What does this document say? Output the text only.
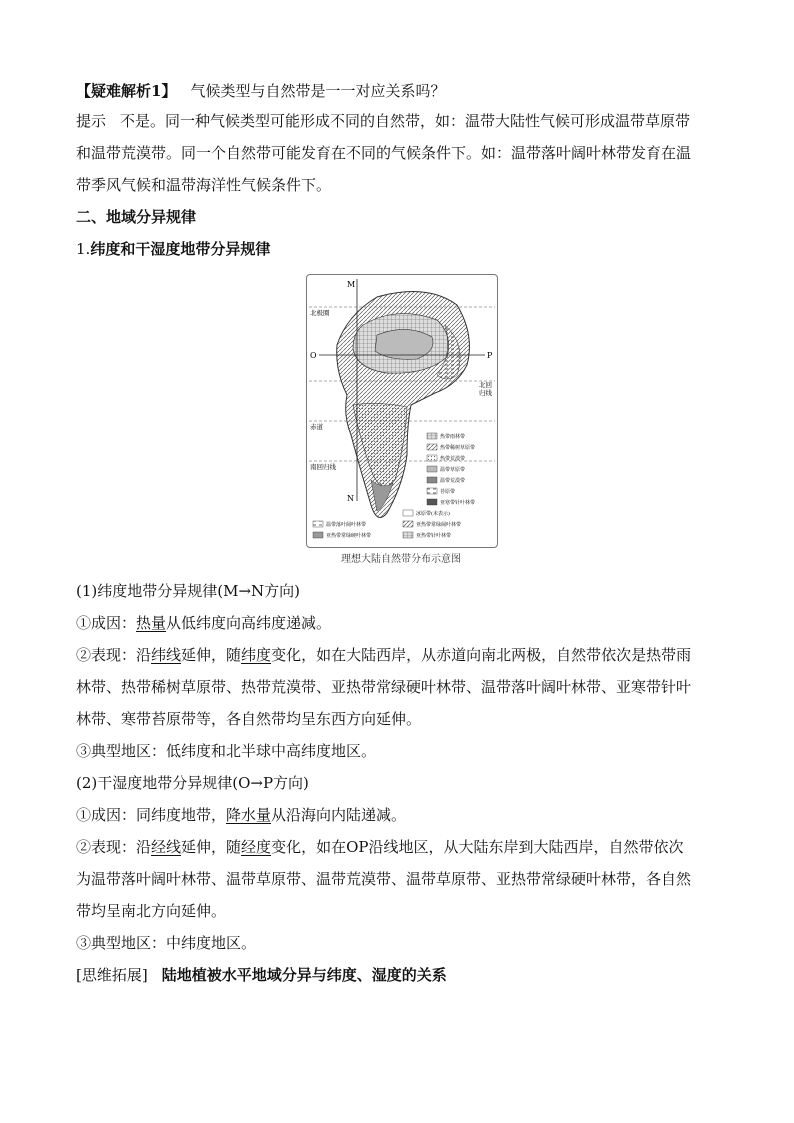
【疑难解析1】 气候类型与自然带是一一对应关系吗？
提示 不是。同一种气候类型可能形成不同的自然带，如：温带大陆性气候可形成温带草原带
和温带荒漠带。同一个自然带可能发育在不同的气候条件下。如：温带落叶阔叶林带发育在温
带季风气候和温带海洋性气候条件下。
二、地域分异规律
1.纬度和干湿度地带分异规律
M
N
O	P
北极圈
北回
归线
赤道
南回归线
热带雨林带
热带稀树草原带
热带荒漠带
温带草原带
温带荒漠带
苔原带
亚寒带针叶林带
冰原带(未表示)
温带落叶阔叶林带	亚热带常绿阔叶林带
亚热带常绿硬叶林带	亚热带针叶林带
理想大陆自然带分布示意图
(1)纬度地带分异规律(M→N方向)
①成因：热量从低纬度向高纬度递减。
②表现：沿纬线延伸，随纬度变化，如在大陆西岸，从赤道向南北两极，自然带依次是热带雨
林带、热带稀树草原带、热带荒漠带、亚热带常绿硬叶林带、温带落叶阔叶林带、亚寒带针叶
林带、寒带苔原带等，各自然带均呈东西方向延伸。
③典型地区：低纬度和北半球中高纬度地区。
(2)干湿度地带分异规律(O→P方向)
①成因：同纬度地带，降水量从沿海向内陆递减。
②表现：沿经线延伸，随经度变化，如在OP沿线地区，从大陆东岸到大陆西岸，自然带依次
为温带落叶阔叶林带、温带草原带、温带荒漠带、温带草原带、亚热带常绿硬叶林带，各自然
带均呈南北方向延伸。
③典型地区：中纬度地区。
[思维拓展] 陆地植被水平地域分异与纬度、湿度的关系
